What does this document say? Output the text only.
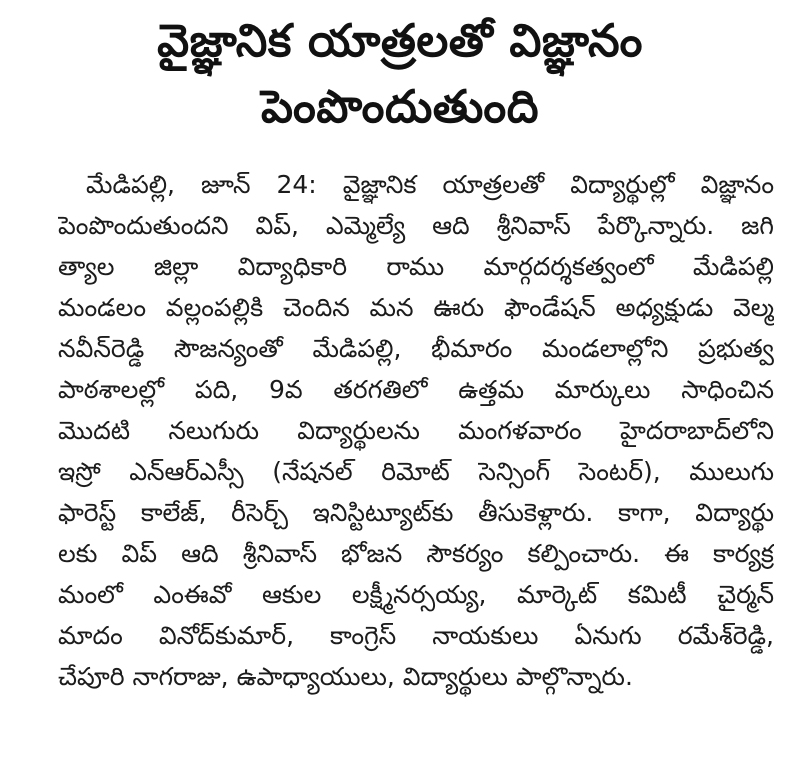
వైజ్ఞానిక యాత్రలతో విజ్ఞానం
పెంపొందుతుంది
మేడిపల్లి, జూన్ 24: వైజ్ఞానిక యాత్రలతో విద్యార్థుల్లో విజ్ఞానం
పెంపొందుతుందని విప్, ఎమ్మెల్యే ఆది శ్రీనివాస్ పేర్కొన్నారు. జగి
త్యాల జిల్లా విద్యాధికారి రాము మార్గదర్శకత్వంలో మేడిపల్లి
మండలం వల్లంపల్లికి చెందిన మన ఊరు ఫౌండేషన్ అధ్యక్షుడు వెల్మ
నవీన్‌రెడ్డి సౌజన్యంతో మేడిపల్లి, భీమారం మండలాల్లోని ప్రభుత్వ
పాఠశాలల్లో పది, 9వ తరగతిలో ఉత్తమ మార్కులు సాధించిన
మొదటి నలుగురు విద్యార్థులను మంగళవారం హైదరాబాద్‌లోని
ఇస్రో ఎన్ఆర్ఎస్సీ (నేషనల్ రిమోట్ సెన్సింగ్ సెంటర్), ములుగు
ఫారెస్ట్ కాలేజ్, రీసెర్చ్ ఇనిస్టిట్యూట్‌కు తీసుకెళ్లారు. కాగా, విద్యార్థు
లకు విప్ ఆది శ్రీనివాస్ భోజన సౌకర్యం కల్పించారు. ఈ కార్యక్ర
మంలో ఎంఈవో ఆకుల లక్ష్మీనర్సయ్య, మార్కెట్ కమిటీ చైర్మన్
మాదం వినోద్‌కుమార్, కాంగ్రెస్ నాయకులు ఏనుగు రమేశ్‌రెడ్డి,
చేపూరి నాగరాజు, ఉపాధ్యాయులు, విద్యార్థులు పాల్గొన్నారు.
